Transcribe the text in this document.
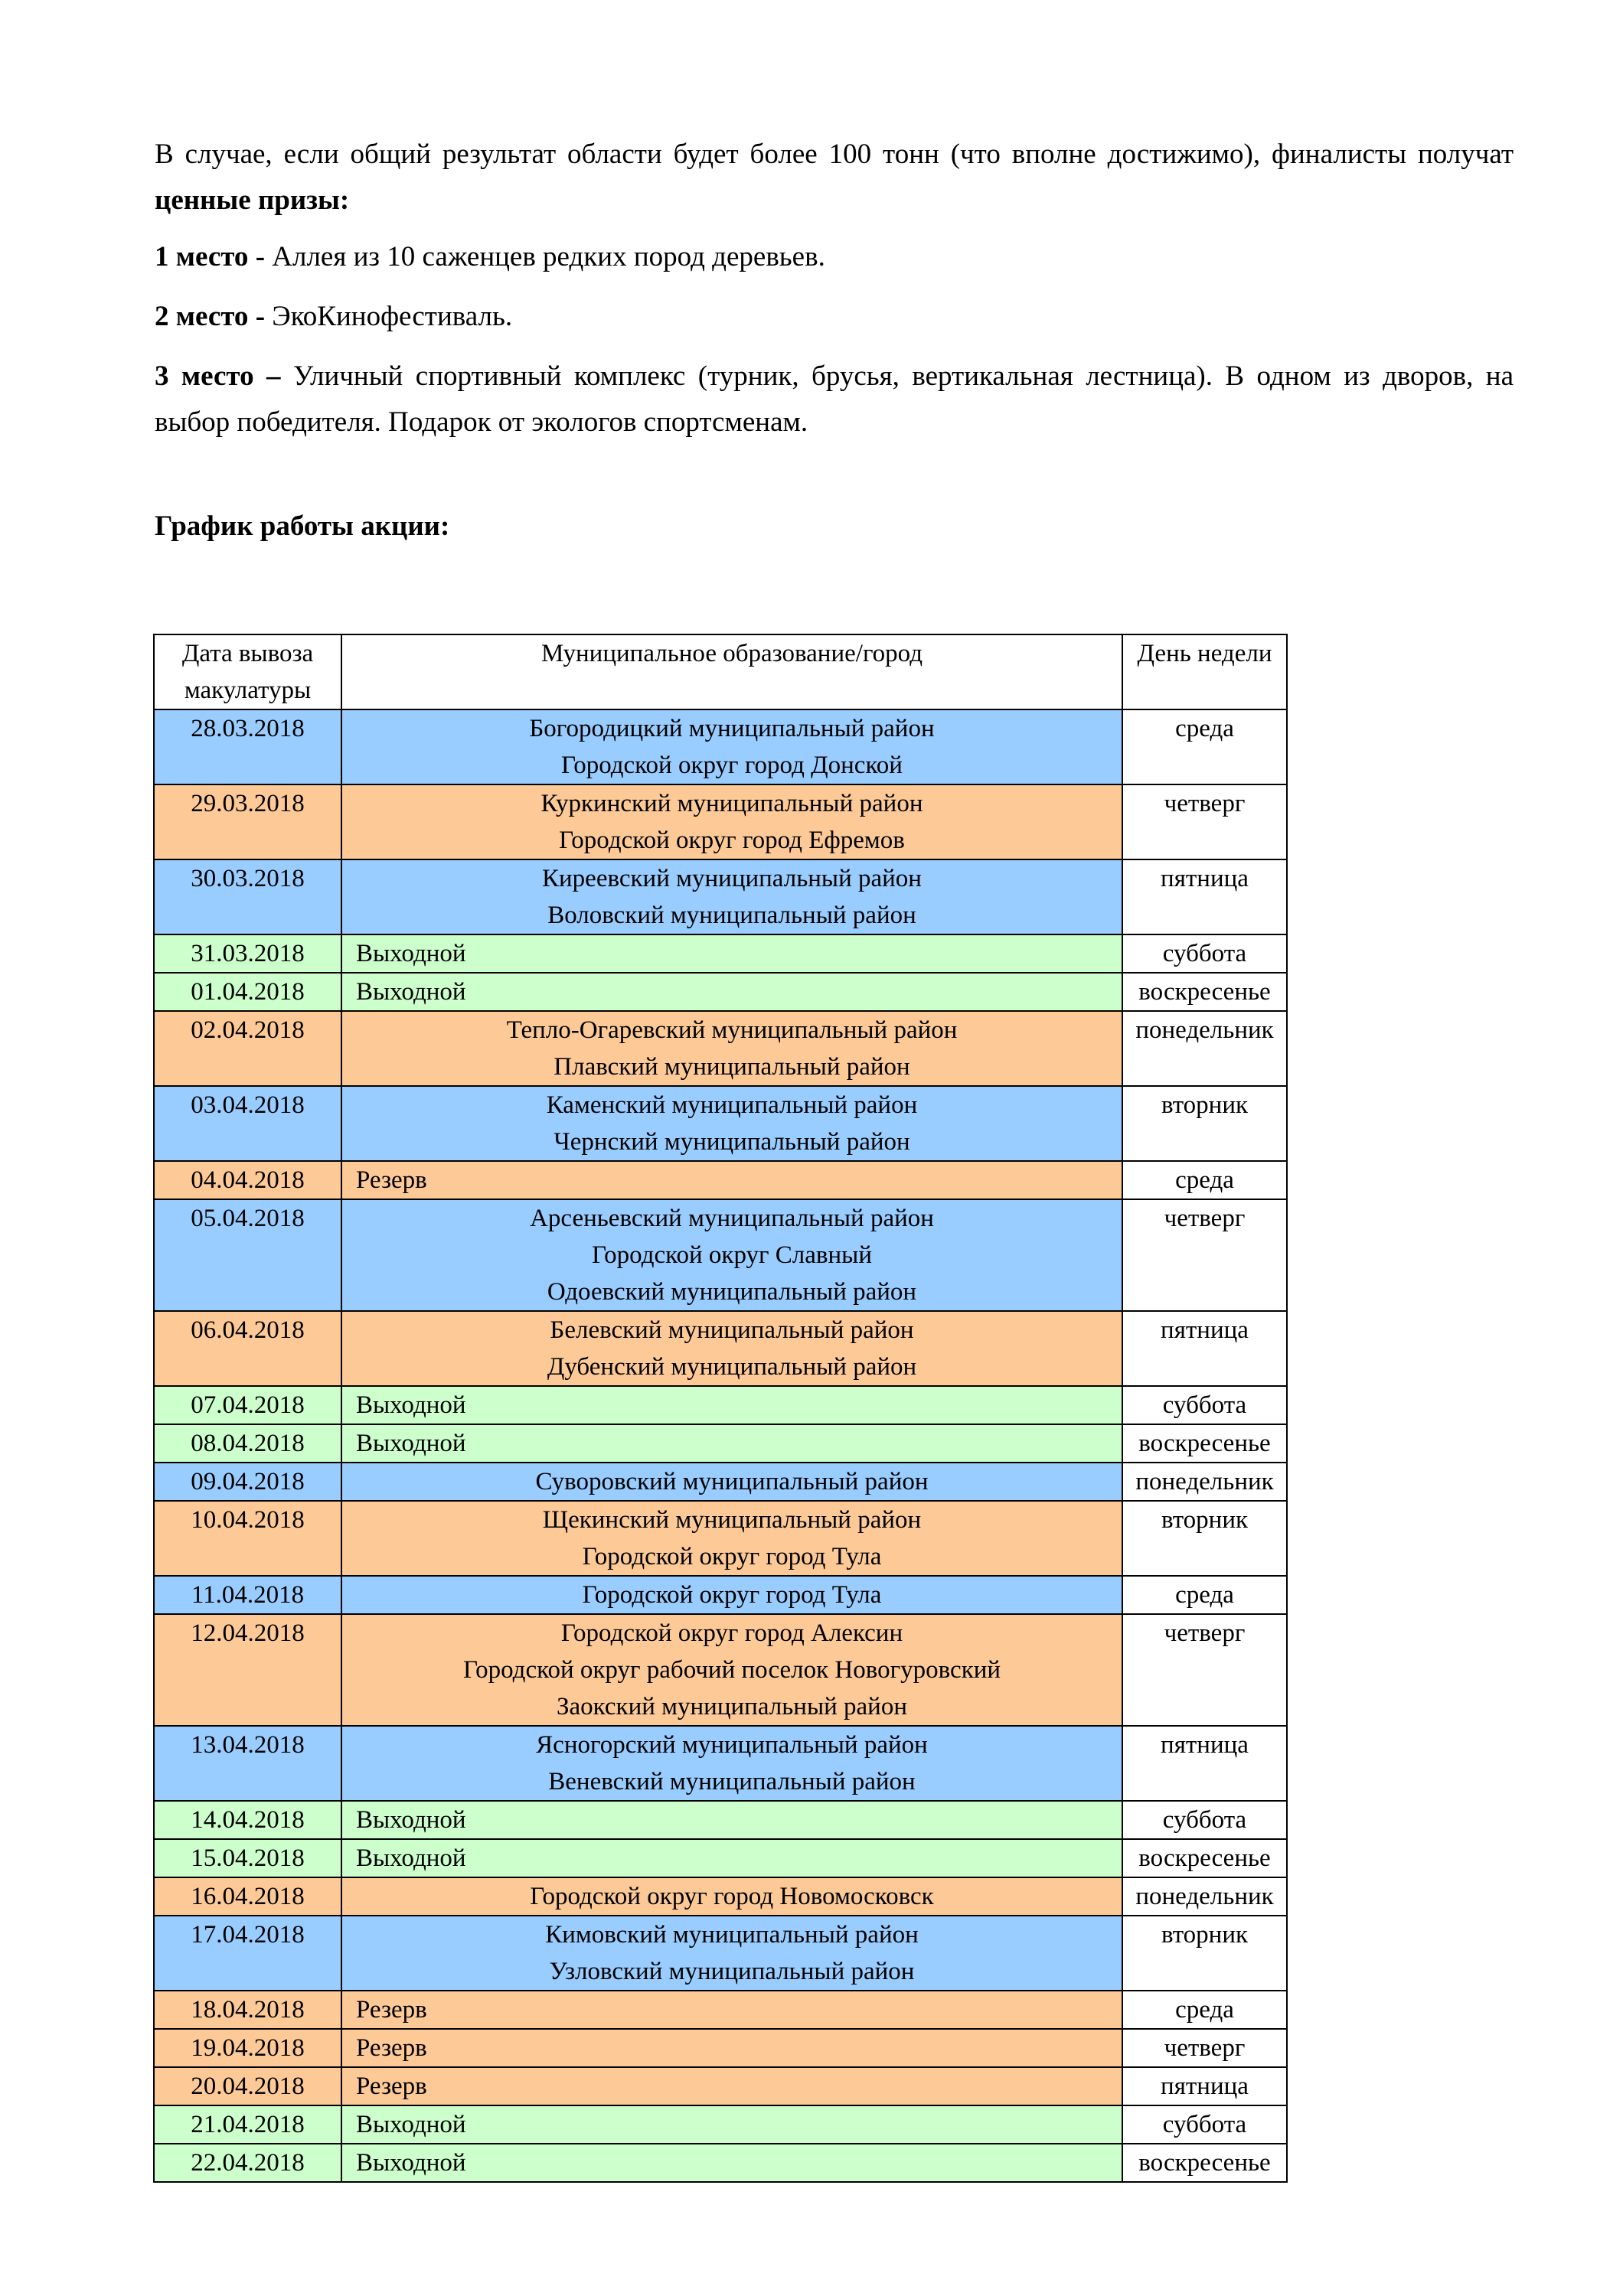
В случае, если общий результат области будет более 100 тонн (что вполне достижимо), финалисты получат ценные призы:

1 место - Аллея из 10 саженцев редких пород деревьев.

2 место - ЭкоКинофестиваль.

3 место – Уличный спортивный комплекс (турник, брусья, вертикальная лестница). В одном из дворов, на выбор победителя. Подарок от экологов спортсменам.

График работы акции:

Дата вывоза макулатуры	Муниципальное образование/город	День недели
28.03.2018	Богородицкий муниципальный район
Городской округ город Донской	среда
29.03.2018	Куркинский муниципальный район
Городской округ город Ефремов	четверг
30.03.2018	Киреевский муниципальный район
Воловский муниципальный район	пятница
31.03.2018	Выходной	суббота
01.04.2018	Выходной	воскресенье
02.04.2018	Тепло-Огаревский муниципальный район
Плавский муниципальный район	понедельник
03.04.2018	Каменский муниципальный район
Чернский муниципальный район	вторник
04.04.2018	Резерв	среда
05.04.2018	Арсеньевский муниципальный район
Городской округ Славный
Одоевский муниципальный район	четверг
06.04.2018	Белевский муниципальный район
Дубенский муниципальный район	пятница
07.04.2018	Выходной	суббота
08.04.2018	Выходной	воскресенье
09.04.2018	Суворовский муниципальный район	понедельник
10.04.2018	Щекинский муниципальный район
Городской округ город Тула	вторник
11.04.2018	Городской округ город Тула	среда
12.04.2018	Городской округ город Алексин
Городской округ рабочий поселок Новогуровский
Заокский муниципальный район	четверг
13.04.2018	Ясногорский муниципальный район
Веневский муниципальный район	пятница
14.04.2018	Выходной	суббота
15.04.2018	Выходной	воскресенье
16.04.2018	Городской округ город Новомосковск	понедельник
17.04.2018	Кимовский муниципальный район
Узловский муниципальный район	вторник
18.04.2018	Резерв	среда
19.04.2018	Резерв	четверг
20.04.2018	Резерв	пятница
21.04.2018	Выходной	суббота
22.04.2018	Выходной	воскресенье
